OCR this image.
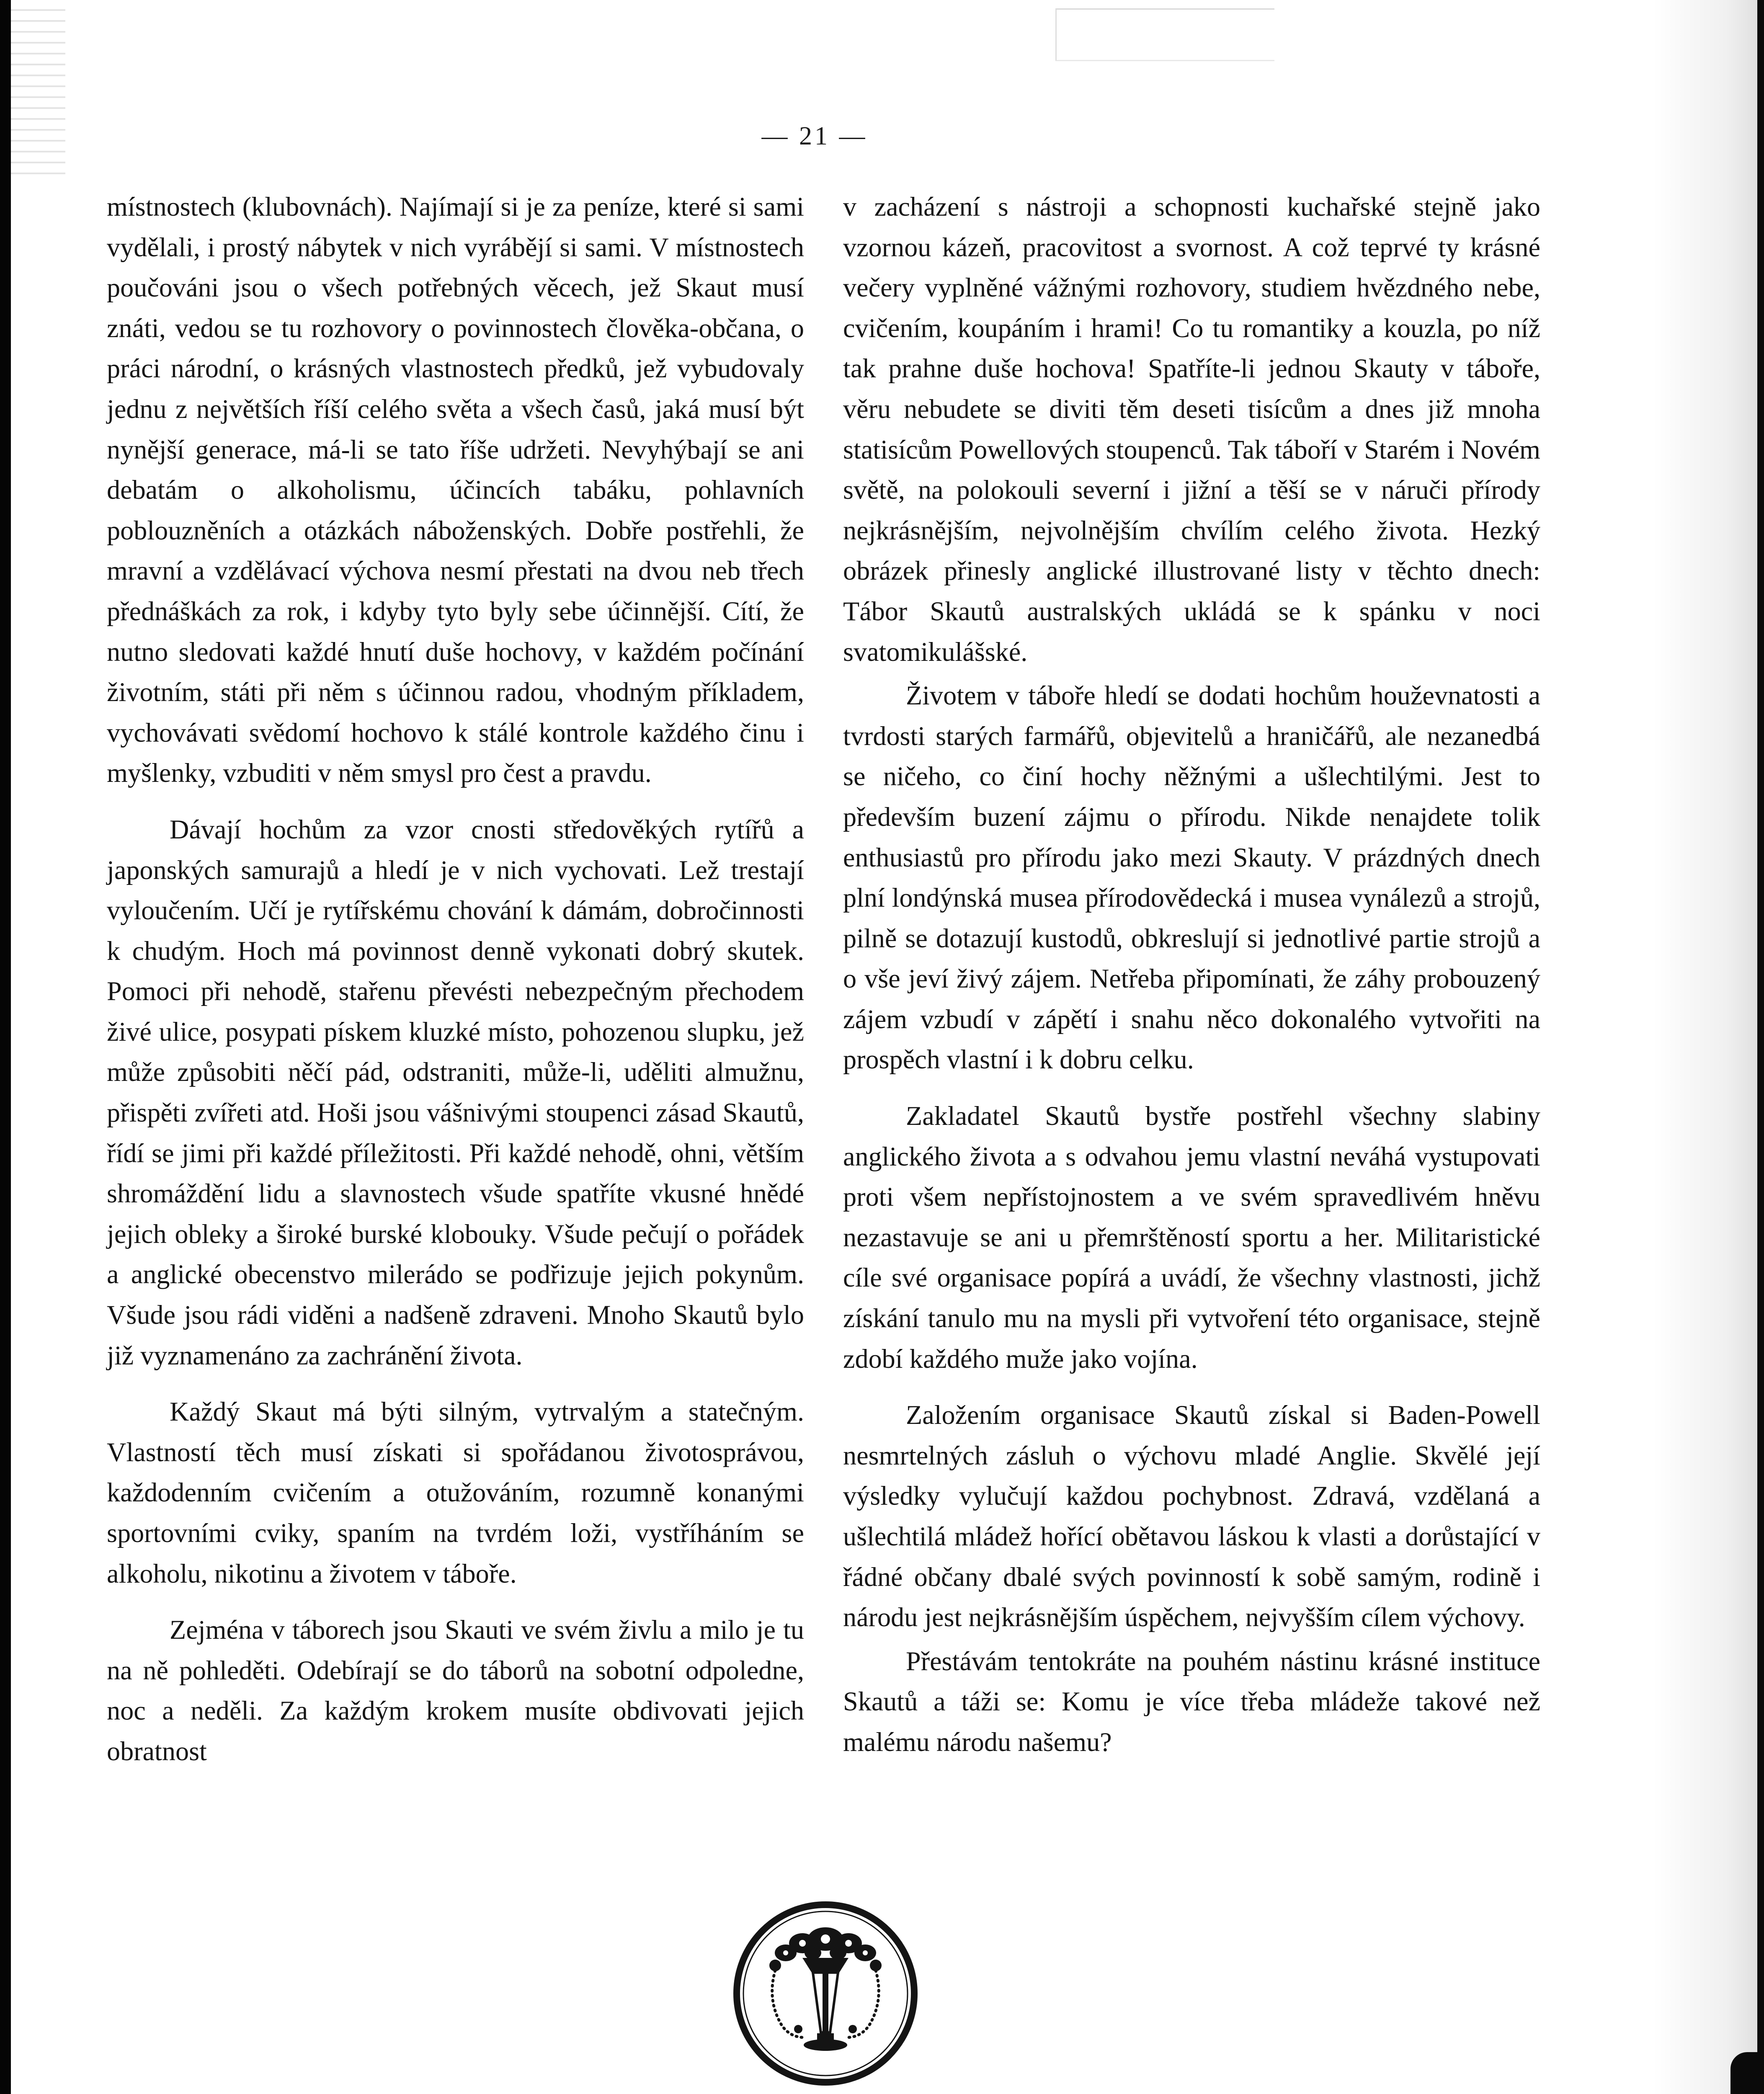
— 21 —

místnostech (klubovnách). Najímají si je za peníze, které si sami vydělali, i prostý nábytek v nich vyrábějí si sami. V místnostech poučováni jsou o všech potřebných věcech, jež Skaut musí znáti, vedou se tu rozhovory o povinnostech člověka-občana, o práci národní, o krásných vlastnostech předků, jež vybudovaly jednu z největších říší celého světa a všech časů, jaká musí být nynější generace, má-li se tato říše udržeti. Nevyhýbají se ani debatám o alkoholismu, účincích tabáku, pohlavních poblouzněních a otázkách náboženských. Dobře postřehli, že mravní a vzdělávací výchova nesmí přestati na dvou neb třech přednáškách za rok, i kdyby tyto byly sebe účinnější. Cítí, že nutno sledovati každé hnutí duše hochovy, v každém počínání životním, státi při něm s účinnou radou, vhodným příkladem, vychovávati svědomí hochovo k stálé kontrole každého činu i myšlenky, vzbuditi v něm smysl pro čest a pravdu.

Dávají hochům za vzor cnosti středověkých rytířů a japonských samurajů a hledí je v nich vychovati. Lež trestají vyloučením. Učí je rytířskému chování k dámám, dobročinnosti k chudým. Hoch má povinnost denně vykonati dobrý skutek. Pomoci při nehodě, stařenu převésti nebezpečným přechodem živé ulice, posypati pískem kluzké místo, pohozenou slupku, jež může způsobiti něčí pád, odstraniti, může-li, uděliti almužnu, přispěti zvířeti atd. Hoši jsou vášnivými stoupenci zásad Skautů, řídí se jimi při každé příležitosti. Při každé nehodě, ohni, větším shromáždění lidu a slavnostech všude spatříte vkusné hnědé jejich obleky a široké burské klobouky. Všude pečují o pořádek a anglické obecenstvo milerádo se podřizuje jejich pokynům. Všude jsou rádi viděni a nadšeně zdraveni. Mnoho Skautů bylo již vyznamenáno za zachránění života.

Každý Skaut má býti silným, vytrvalým a statečným. Vlastností těch musí získati si spořádanou životosprávou, každodenním cvičením a otužováním, rozumně konanými sportovními cviky, spaním na tvrdém loži, vystříháním se alkoholu, nikotinu a životem v táboře.

Zejména v táborech jsou Skauti ve svém živlu a milo je tu na ně pohleděti. Odebírají se do táborů na sobotní odpoledne, noc a neděli. Za každým krokem musíte obdivovati jejich obratnost

v zacházení s nástroji a schopnosti kuchařské stejně jako vzornou kázeň, pracovitost a svornost. A což teprvé ty krásné večery vyplněné vážnými rozhovory, studiem hvězdného nebe, cvičením, koupáním i hrami! Co tu romantiky a kouzla, po níž tak prahne duše hochova! Spatříte-li jednou Skauty v táboře, věru nebudete se diviti těm deseti tisícům a dnes již mnoha statisícům Powellových stoupenců. Tak táboří v Starém i Novém světě, na polokouli severní i jižní a těší se v náruči přírody nejkrásnějším, nejvolnějším chvílím celého života. Hezký obrázek přinesly anglické illustrované listy v těchto dnech: Tábor Skautů australských ukládá se k spánku v noci svatomikulášské.

Životem v táboře hledí se dodati hochům houževnatosti a tvrdosti starých farmářů, objevitelů a hraničářů, ale nezanedbá se ničeho, co činí hochy něžnými a ušlechtilými. Jest to především buzení zájmu o přírodu. Nikde nenajdete tolik enthusiastů pro přírodu jako mezi Skauty. V prázdných dnech plní londýnská musea přírodovědecká i musea vynálezů a strojů, pilně se dotazují kustodů, obkreslují si jednotlivé partie strojů a o vše jeví živý zájem. Netřeba připomínati, že záhy probouzený zájem vzbudí v zápětí i snahu něco dokonalého vytvořiti na prospěch vlastní i k dobru celku.

Zakladatel Skautů bystře postřehl všechny slabiny anglického života a s odvahou jemu vlastní neváhá vystupovati proti všem nepřístojnostem a ve svém spravedlivém hněvu nezastavuje se ani u přemrštěností sportu a her. Militaristické cíle své organisace popírá a uvádí, že všechny vlastnosti, jichž získání tanulo mu na mysli při vytvoření této organisace, stejně zdobí každého muže jako vojína.

Založením organisace Skautů získal si Baden-Powell nesmrtelných zásluh o výchovu mladé Anglie. Skvělé její výsledky vylučují každou pochybnost. Zdravá, vzdělaná a ušlechtilá mládež hořící obětavou láskou k vlasti a dorůstající v řádné občany dbalé svých povinností k sobě samým, rodině i národu jest nejkrásnějším úspěchem, nejvyšším cílem výchovy.

Přestávám tentokráte na pouhém nástinu krásné instituce Skautů a táži se: Komu je více třeba mládeže takové než malému národu našemu?
